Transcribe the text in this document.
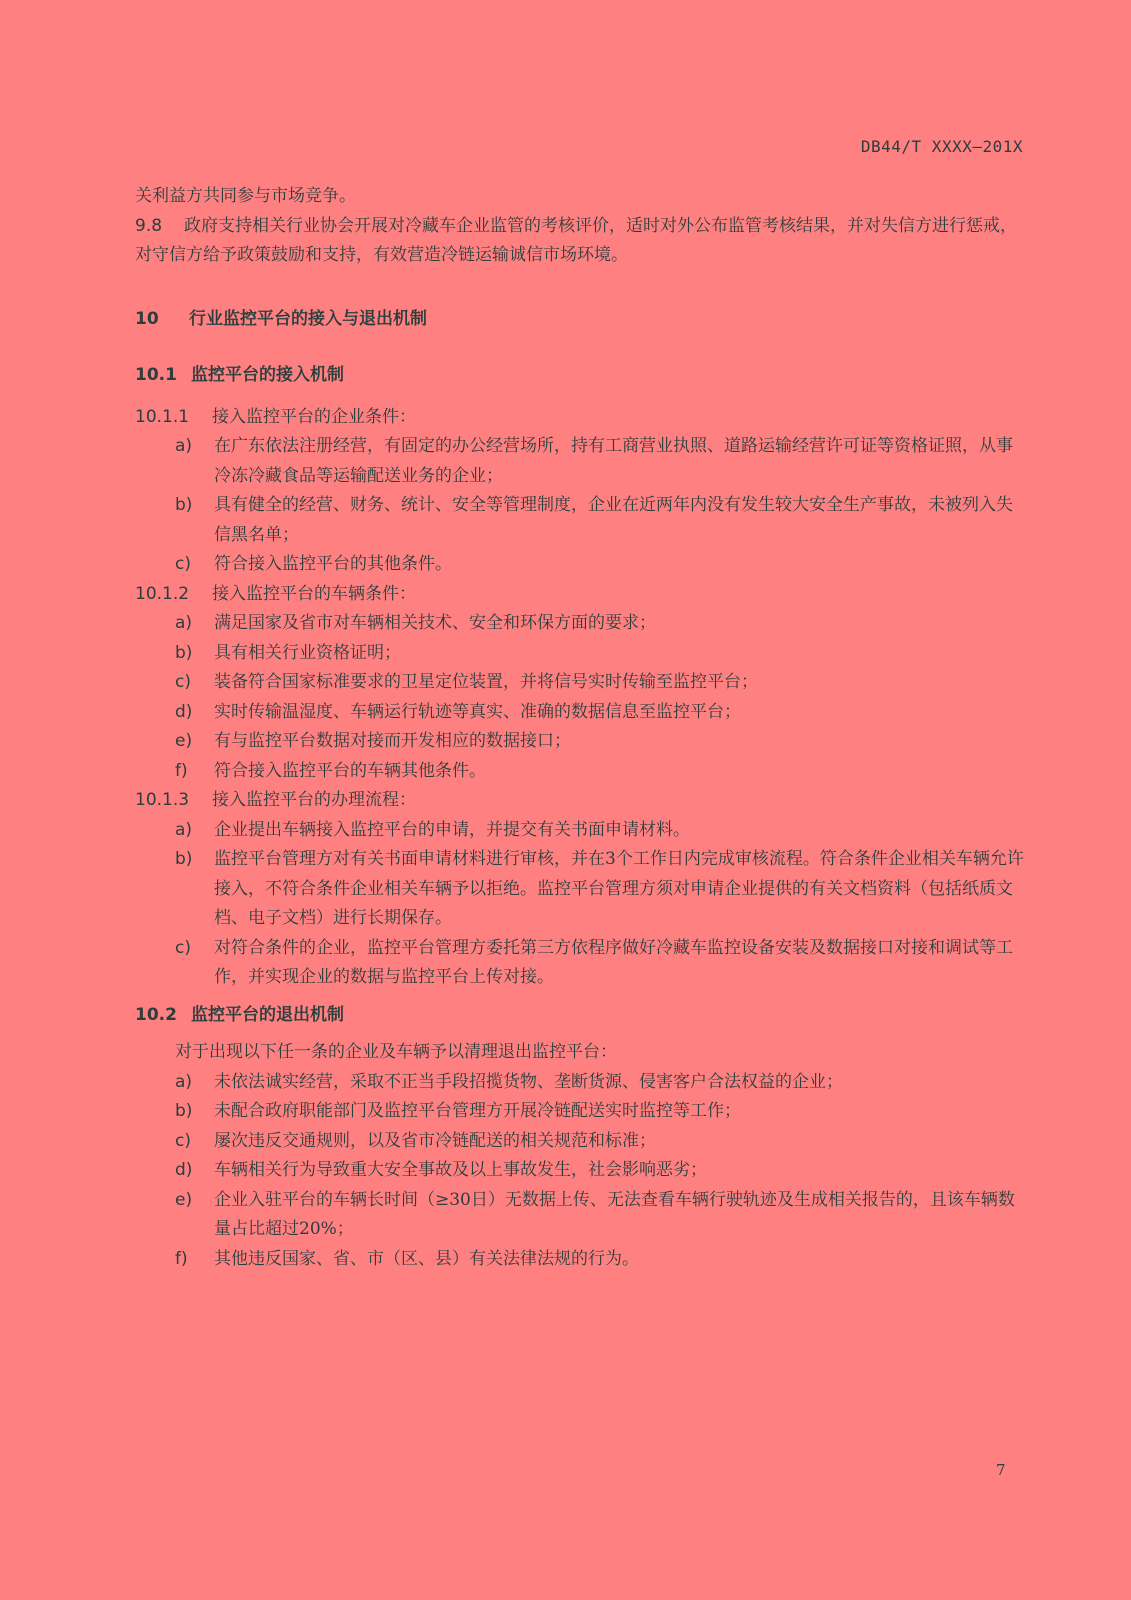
DB44/T XXXX—201X

关利益方共同参与市场竞争。

9.8 政府支持相关行业协会开展对冷藏车企业监管的考核评价，适时对外公布监管考核结果，并对失信方进行惩戒，对守信方给予政策鼓励和支持，有效营造冷链运输诚信市场环境。

10 行业监控平台的接入与退出机制

10.1 监控平台的接入机制

10.1.1 接入监控平台的企业条件：

a) 在广东依法注册经营，有固定的办公经营场所，持有工商营业执照、道路运输经营许可证等资格证照，从事冷冻冷藏食品等运输配送业务的企业；
b) 具有健全的经营、财务、统计、安全等管理制度，企业在近两年内没有发生较大安全生产事故，未被列入失信黑名单；
c) 符合接入监控平台的其他条件。

10.1.2 接入监控平台的车辆条件：

a) 满足国家及省市对车辆相关技术、安全和环保方面的要求；
b) 具有相关行业资格证明；
c) 装备符合国家标准要求的卫星定位装置，并将信号实时传输至监控平台；
d) 实时传输温湿度、车辆运行轨迹等真实、准确的数据信息至监控平台；
e) 有与监控平台数据对接而开发相应的数据接口；
f) 符合接入监控平台的车辆其他条件。

10.1.3 接入监控平台的办理流程：

a) 企业提出车辆接入监控平台的申请，并提交有关书面申请材料。
b) 监控平台管理方对有关书面申请材料进行审核，并在3个工作日内完成审核流程。符合条件企业相关车辆允许接入，不符合条件企业相关车辆予以拒绝。监控平台管理方须对申请企业提供的有关文档资料（包括纸质文档、电子文档）进行长期保存。
c) 对符合条件的企业，监控平台管理方委托第三方依程序做好冷藏车监控设备安装及数据接口对接和调试等工作，并实现企业的数据与监控平台上传对接。

10.2 监控平台的退出机制

对于出现以下任一条的企业及车辆予以清理退出监控平台：

a) 未依法诚实经营，采取不正当手段招揽货物、垄断货源、侵害客户合法权益的企业；
b) 未配合政府职能部门及监控平台管理方开展冷链配送实时监控等工作；
c) 屡次违反交通规则，以及省市冷链配送的相关规范和标准；
d) 车辆相关行为导致重大安全事故及以上事故发生，社会影响恶劣；
e) 企业入驻平台的车辆长时间（≥30日）无数据上传、无法查看车辆行驶轨迹及生成相关报告的，且该车辆数量占比超过20%；
f) 其他违反国家、省、市（区、县）有关法律法规的行为。
7
